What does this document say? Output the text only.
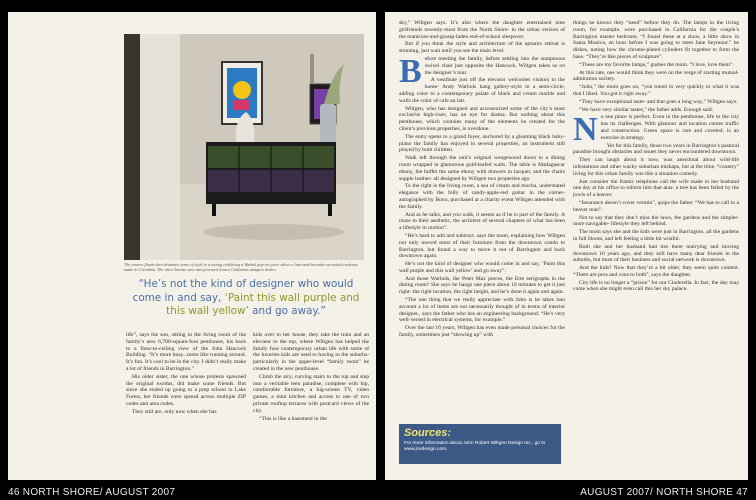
The owners flaunt their dramatic sense of style in a setting exhibiting a Warhol pop art piece above a lime-and-lavender-accented credenza made in Colombia. The white-bronze vase was procured from a California antiques dealer.
“He’s not the kind of designer who would come in and say, ‘Paint this wall purple and this wall yellow’ and go away.”

life”, says the son, sitting in the living room of the family’s new 6,700-square-foot penthouse, his back to a floor-to-ceiling view of the John Hancock Building. “It’s more busy...more like running around. It’s fun. It’s cool to be in the city. I didn’t really make a lot of friends in Barrington.”

His older sister, the one whose protests spawned the original exodus, did make some friends. But since she ended up going to a prep school in Lake Forest, her friends were spread across multiple ZIP codes and area codes.

They still are, only now when she has

kids over to her house, they take the train and an elevator to the top, where Wiltgen has helped the family fuse contemporary urban life with some of the luxuries kids are used to having in the suburbs-particularly in the upper-level “family room” he created in the new penthouse.

Climb the airy, curving stairs to the top and step into a veritable teen paradise, complete with hip, comfortable furniture, a big-screen TV, video games, a mini kitchen and access to one of two private rooftop terraces with postcard views of the city.

“This is like a basement in the

sky,” Wiltgen says. It’s also where the daughter entertained nine girlfriends recently-most from the North Shore- in the urban version of the manicure-and-gossip-laden end-of-school sleepover.

But if you think the style and architecture of the upstairs retreat is stunning, just wait until you see the main level.

Before meeting the family, before settling into the sumptuous swivel chair just opposite the Hancock, Wiltgen takes us on the designer’s tour.

A vestibule just off the elevator welcomes visitors to the home- Andy Warhols hang gallery-style in a semi-circle, adding color to a contemporary palate of black and cream marble and walls the color of cafe au lait.

Wiltgen, who has designed and accessorized some of the city’s most exclusive high-rises, has an eye for drama. But nothing about this penthouse, which contains many of the elements he created for the client’s previous properties, is overdone.

The entry opens to a grand foyer, anchored by a gleaming black baby-piano the family has enjoyed in several properties, an instrument still played by both children.

Walk left through the unit’s original wengewood doors to a dining room wrapped in glamorous gold-leafed walls. The table is Madagascar ebony, the buffet the same ebony with drawers in lacquer, and the chairs supple leather- all designed by Wiltgen two properties ago.

To the right is the living room, a sea of cream and mocha, understated elegance with the folly of candy-apple-red guitar in the corner- autographed by Bono, purchased at a charity event Wiltgen attended with the family.

And as he talks, and you walk, it seems as if he is part of the family. A muse to their aesthetic, the architect of several chapters of what has been a lifestyle in motion”.

“He’s hard to add and subtract. says the mom, explaining how Wiltgen not only moved most of their furniture from the downtown condo to Barrington, but found a way to move it out of Barrington and back downtown again.

He’s not the kind of designer who would come in and say, ‘Paint this wall purple and this wall yellow’ and go away”.

And those Warhols, the Peter Max pieces, the Erte serigraphs in the dining room? She says he hangs one piece about 10 minutes to get it just right- the right location, the right height, and he’s done it again and again.

“The one thing that we really appreciate with John is he takes into account a lot of items are not necessarily thought of in terms of interior designer., says the father who has an engineering background. “He’s very well-versed in electrical systems, for example.”

Over the last 16 years, Wiltgen has even made personal choices for the family, sometimes just “showing up” with

Sources:
For more information about John Robert Wiltgen Design Inc., go to www.jrwdesign.com.

things he knows they “need” before they do. The lamps in the living room, for example, were purchased in California for the couple’s Barrington master bedroom. “I found these at a show, a little show in Santa Monica, an hour before I was going to meet Jane Seymour.” he dishes, noting how the chrome-plated cylinders fit together to form the base. “They’re like pieces of sculpture”.

“These are my favorite lamps,” gushes the mom. “I love, love them”.

At this rate, one would think they were on the verge of starting mutual-admiration society.

“John,” the mom goes on, “you tuned in very quickly to what it was that I liked. You got it right away.”

“They have exceptional taste- and that goes a long way,” Wiltgen says.

“We have very similar tastes,” the father adds. Enough said.

No one place is perfect. Even in the penthouse, life in the city has its challenges. With glamour and location comes traffic and construction. Green space is rare and coveted; is an exercise in strategy.

Yet for this family, those two years in Barrington’s pastoral paradise brought obstacles and issues they never encountered downtown.

They can laugh about it now, wax anecdotal about wild-life infestations and other wacky suburban mishaps, but at the time, “country” living for this urban family was like a situation comedy.

Just consider the frantic telephone call the wife made to her husband one day at his office to inform him that-alas- a tree has been felled by the jowls of a beaver.

“Insurance doesn’t cover vermin”, quips the father. “We has to call in a beaver man”.

Not to say that they don’t miss the lawn, the gardens and the simpler- more navigable- lifestyle they left behind.

The mom says she and the kids were just in Barrington, all the gardens in full bloom, and left feeling a little bit wistful.

Both she and her husband had ties there marrying and moving downtown 16 years ago, and they still have many dear friends in the suburbs, but most of their business and social network is downtown.

And the kids? Now that they’re a bit older, they seem quite content. “There are pros and cons to both”, says the daughter.

City life is no longer a “prison” for our Cinderella. In fact, the day may come when she might even call this her sky palace.

46 NORTH SHORE/ AUGUST 2007	AUGUST 2007/ NORTH SHORE 47
